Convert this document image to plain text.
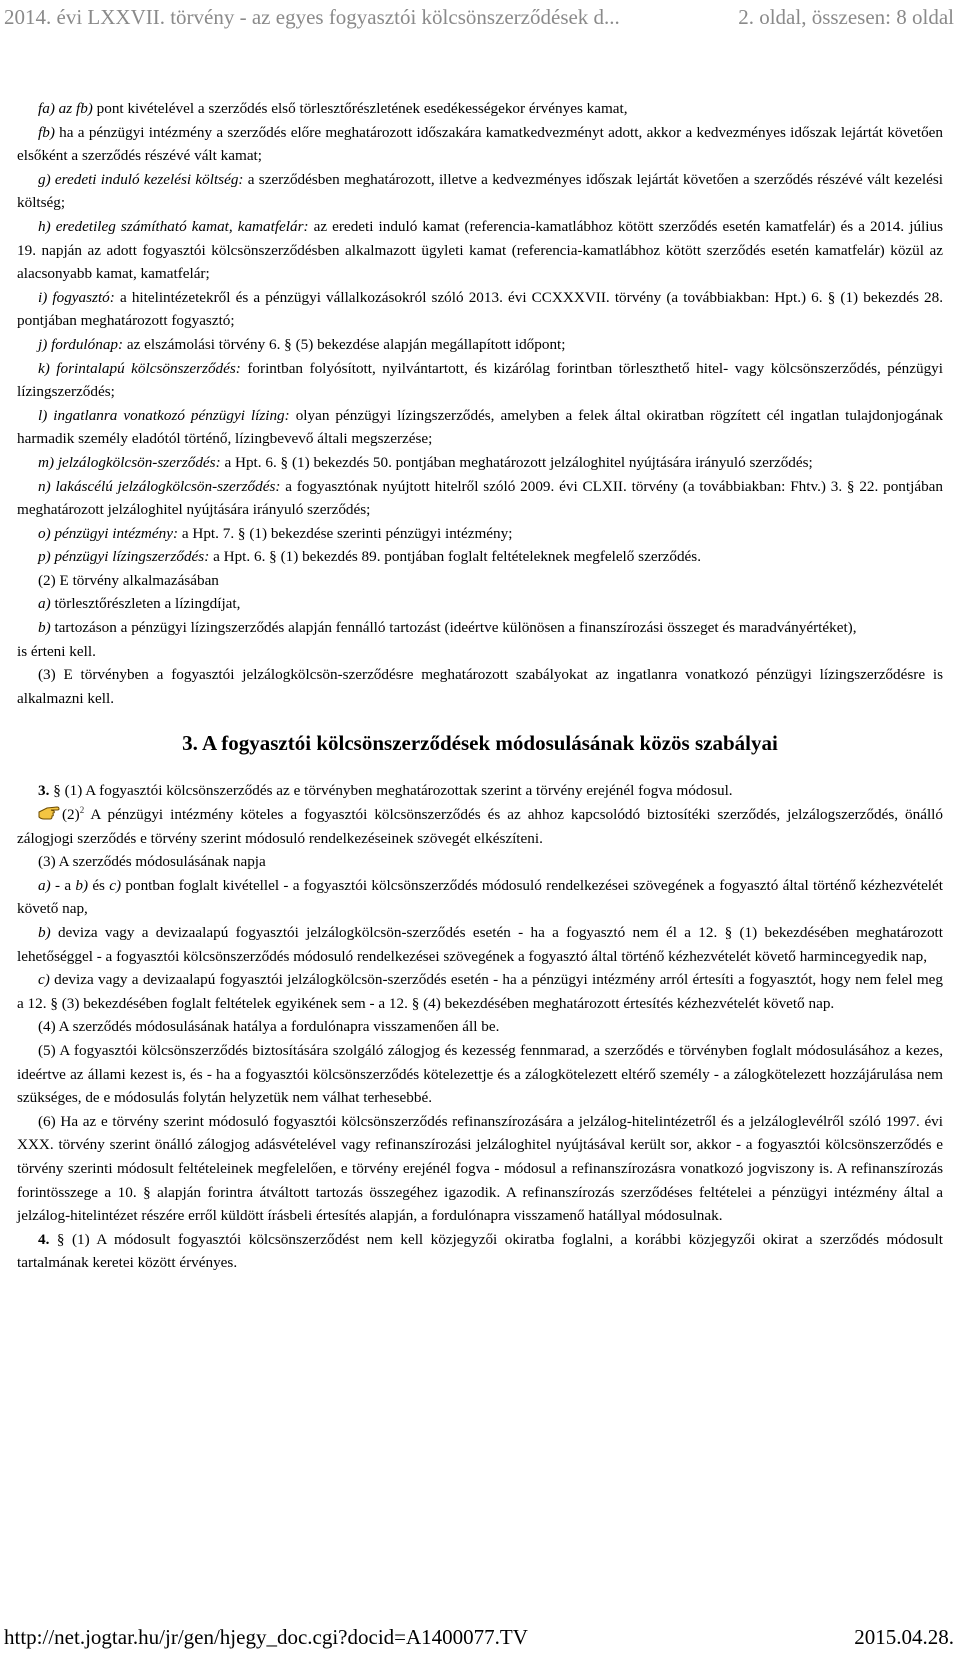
2014. évi LXXVII. törvény - az egyes fogyasztói kölcsönszerződések d...	2. oldal, összesen: 8 oldal

fa) az fb) pont kivételével a szerződés első törlesztőrészletének esedékességekor érvényes kamat,

fb) ha a pénzügyi intézmény a szerződés előre meghatározott időszakára kamatkedvezményt adott, akkor a kedvezményes időszak lejártát követően elsőként a szerződés részévé vált kamat;

g) eredeti induló kezelési költség: a szerződésben meghatározott, illetve a kedvezményes időszak lejártát követően a szerződés részévé vált kezelési költség;

h) eredetileg számítható kamat, kamatfelár: az eredeti induló kamat (referencia-kamatlábhoz kötött szerződés esetén kamatfelár) és a 2014. július 19. napján az adott fogyasztói kölcsönszerződésben alkalmazott ügyleti kamat (referencia-kamatlábhoz kötött szerződés esetén kamatfelár) közül az alacsonyabb kamat, kamatfelár;

i) fogyasztó: a hitelintézetekről és a pénzügyi vállalkozásokról szóló 2013. évi CCXXXVII. törvény (a továbbiakban: Hpt.) 6. § (1) bekezdés 28. pontjában meghatározott fogyasztó;

j) fordulónap: az elszámolási törvény 6. § (5) bekezdése alapján megállapított időpont;

k) forintalapú kölcsönszerződés: forintban folyósított, nyilvántartott, és kizárólag forintban törleszthető hitel- vagy kölcsönszerződés, pénzügyi lízingszerződés;

l) ingatlanra vonatkozó pénzügyi lízing: olyan pénzügyi lízingszerződés, amelyben a felek által okiratban rögzített cél ingatlan tulajdonjogának harmadik személy eladótól történő, lízingbevevő általi megszerzése;

m) jelzálogkölcsön-szerződés: a Hpt. 6. § (1) bekezdés 50. pontjában meghatározott jelzáloghitel nyújtására irányuló szerződés;

n) lakáscélú jelzálogkölcsön-szerződés: a fogyasztónak nyújtott hitelről szóló 2009. évi CLXII. törvény (a továbbiakban: Fhtv.) 3. § 22. pontjában meghatározott jelzáloghitel nyújtására irányuló szerződés;

o) pénzügyi intézmény: a Hpt. 7. § (1) bekezdése szerinti pénzügyi intézmény;

p) pénzügyi lízingszerződés: a Hpt. 6. § (1) bekezdés 89. pontjában foglalt feltételeknek megfelelő szerződés.

(2) E törvény alkalmazásában

a) törlesztőrészleten a lízingdíjat,

b) tartozáson a pénzügyi lízingszerződés alapján fennálló tartozást (ideértve különösen a finanszírozási összeget és maradványértéket),

is érteni kell.

(3) E törvényben a fogyasztói jelzálogkölcsön-szerződésre meghatározott szabályokat az ingatlanra vonatkozó pénzügyi lízingszerződésre is alkalmazni kell.

3. A fogyasztói kölcsönszerződések módosulásának közös szabályai

3. § (1) A fogyasztói kölcsönszerződés az e törvényben meghatározottak szerint a törvény erejénél fogva módosul.

$(2)^2$ A pénzügyi intézmény köteles a fogyasztói kölcsönszerződés és az ahhoz kapcsolódó biztosítéki szerződés, jelzálogszerződés, önálló zálogjogi szerződés e törvény szerint módosuló rendelkezéseinek szövegét elkészíteni.

(3) A szerződés módosulásának napja

a) - a b) és c) pontban foglalt kivétellel - a fogyasztói kölcsönszerződés módosuló rendelkezései szövegének a fogyasztó által történő kézhezvételét követő nap,

b) deviza vagy a devizaalapú fogyasztói jelzálogkölcsön-szerződés esetén - ha a fogyasztó nem él a 12. § (1) bekezdésében meghatározott lehetőséggel - a fogyasztói kölcsönszerződés módosuló rendelkezései szövegének a fogyasztó által történő kézhezvételét követő harmincegyedik nap,

c) deviza vagy a devizaalapú fogyasztói jelzálogkölcsön-szerződés esetén - ha a pénzügyi intézmény arról értesíti a fogyasztót, hogy nem felel meg a 12. § (3) bekezdésében foglalt feltételek egyikének sem - a 12. § (4) bekezdésében meghatározott értesítés kézhezvételét követő nap.

(4) A szerződés módosulásának hatálya a fordulónapra visszamenően áll be.

(5) A fogyasztói kölcsönszerződés biztosítására szolgáló zálogjog és kezesség fennmarad, a szerződés e törvényben foglalt módosulásához a kezes, ideértve az állami kezest is, és - ha a fogyasztói kölcsönszerződés kötelezettje és a zálogkötelezett eltérő személy - a zálogkötelezett hozzájárulása nem szükséges, de e módosulás folytán helyzetük nem válhat terhesebbé.

(6) Ha az e törvény szerint módosuló fogyasztói kölcsönszerződés refinanszírozására a jelzálog-hitelintézetről és a jelzáloglevélről szóló 1997. évi XXX. törvény szerint önálló zálogjog adásvételével vagy refinanszírozási jelzáloghitel nyújtásával került sor, akkor - a fogyasztói kölcsönszerződés e törvény szerinti módosult feltételeinek megfelelően, e törvény erejénél fogva - módosul a refinanszírozásra vonatkozó jogviszony is. A refinanszírozás forintösszege a 10. § alapján forintra átváltott tartozás összegéhez igazodik. A refinanszírozás szerződéses feltételei a pénzügyi intézmény által a jelzálog-hitelintézet részére erről küldött írásbeli értesítés alapján, a fordulónapra visszamenő hatállyal módosulnak.

4. § (1) A módosult fogyasztói kölcsönszerződést nem kell közjegyzői okiratba foglalni, a korábbi közjegyzői okirat a szerződés módosult tartalmának keretei között érvényes.

http://net.jogtar.hu/jr/gen/hjegy_doc.cgi?docid=A1400077.TV	2015.04.28.
